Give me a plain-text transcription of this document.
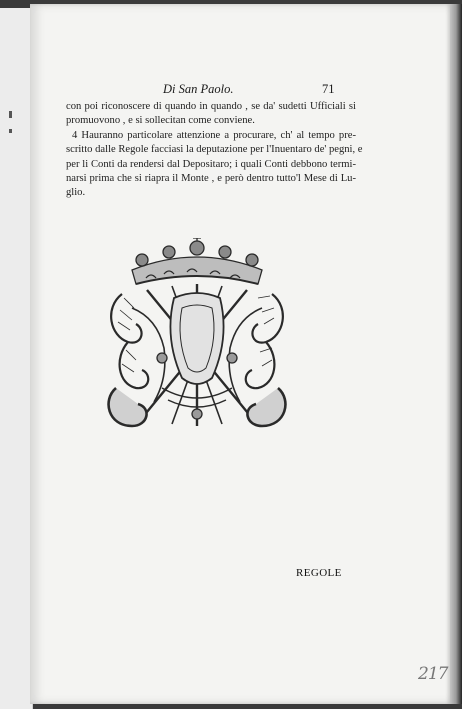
Di San Paolo.	71
con poi riconoscere di quando in quando , se da' sudetti Ufficiali si
promuovono , e si sollecitan come conviene.
4 Hauranno particolare attenzione a procurare, ch' al tempo pre-
scritto dalle Regole facciasi la deputazione per l'Inuentaro de' pegni, e
per li Conti da rendersi dal Depositaro; i quali Conti debbono termi-
narsi prima che si riapra il Monte , e però dentro tutto'l Mese di Lu-
glio.
REGOLE
217
